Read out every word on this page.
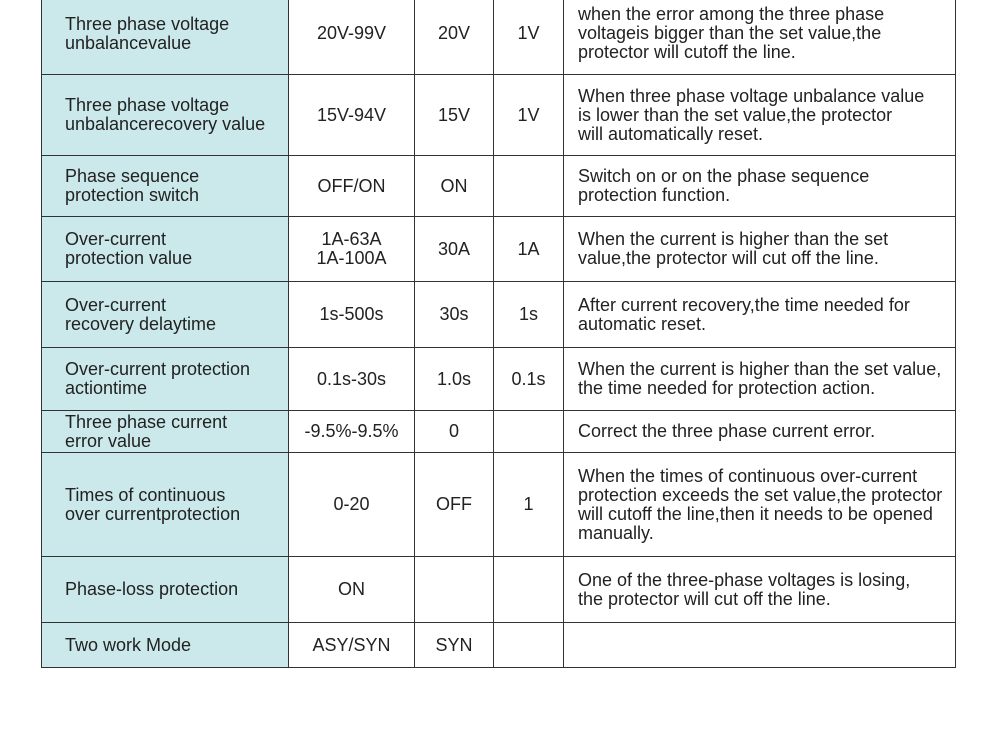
Three phase voltage
unbalancevalue	20V-99V	20V	1V	when the error among the three phase
voltageis bigger than the set value,the
protector will cutoff the line.

Three phase voltage
unbalancerecovery value	15V-94V	15V	1V	When three phase voltage unbalance value
is lower than the set value,the protector
will automatically reset.

Phase sequence
protection switch	OFF/ON	ON		Switch on or on the phase sequence
protection function.

Over-current
protection value	1A-63A
1A-100A	30A	1A	When the current is higher than the set
value,the protector will cut off the line.

Over-current
recovery delaytime	1s-500s	30s	1s	After current recovery,the time needed for
automatic reset.

Over-current protection
actiontime	0.1s-30s	1.0s	0.1s	When the current is higher than the set value,
the time needed for protection action.

Three phase current
error value	-9.5%-9.5%	0		Correct the three phase current error.

Times of continuous
over currentprotection	0-20	OFF	1	When the times of continuous over-current
protection exceeds the set value,the protector
will cutoff the line,then it needs to be opened
manually.

Phase-loss protection	ON			One of the three-phase voltages is losing,
the protector will cut off the line.

Two work Mode	ASY/SYN	SYN		
